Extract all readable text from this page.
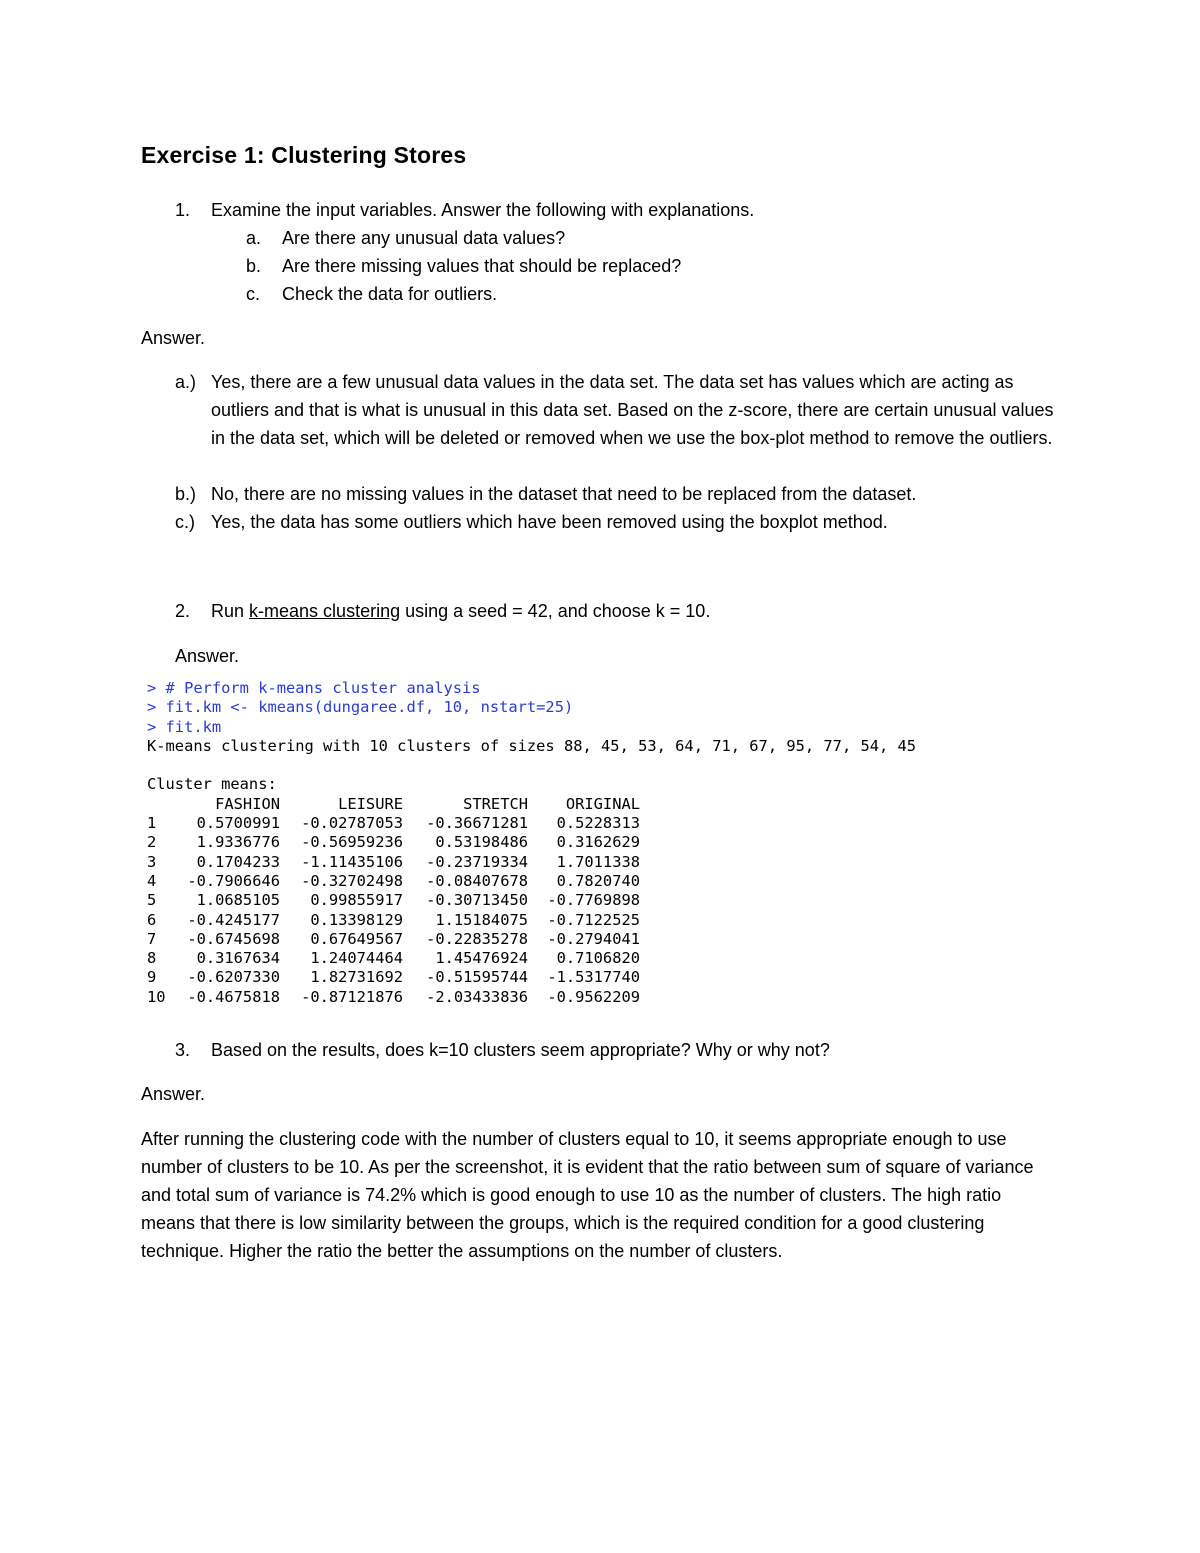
Exercise 1: Clustering Stores
1. Examine the input variables. Answer the following with explanations.
a. Are there any unusual data values?
b. Are there missing values that should be replaced?
c. Check the data for outliers.
Answer.
a.) Yes, there are a few unusual data values in the data set. The data set has values which are acting as outliers and that is what is unusual in this data set. Based on the z-score, there are certain unusual values in the data set, which will be deleted or removed when we use the box-plot method to remove the outliers.
b.) No, there are no missing values in the dataset that need to be replaced from the dataset.
c.) Yes, the data has some outliers which have been removed using the boxplot method.
2. Run k-means clustering using a seed = 42, and choose k = 10.
Answer.
> # Perform k-means cluster analysis
> fit.km <- kmeans(dungaree.df, 10, nstart=25)
> fit.km
K-means clustering with 10 clusters of sizes 88, 45, 53, 64, 71, 67, 95, 77, 54, 45
Cluster means:
FASHION	LEISURE	STRETCH ORIGINAL
1	0.5700991 -0.02787053 -0.36671281 0.5228313
2	1.9336776 -0.56959236 0.53198486 0.3162629
3	0.1704233 -1.11435106 -0.23719334 1.7011338
4 -0.7906646 -0.32702498 -0.08407678 0.7820740
5	1.0685105 0.99855917 -0.30713450 -0.7769898
6 -0.4245177 0.13398129 1.15184075 -0.7122525
7 -0.6745698 0.67649567 -0.22835278 -0.2794041
8	0.3167634 1.24074464 1.45476924 0.7106820
9 -0.6207330 1.82731692 -0.51595744 -1.5317740
10 -0.4675818 -0.87121876 -2.03433836 -0.9562209
3. Based on the results, does k=10 clusters seem appropriate? Why or why not?
Answer.
After running the clustering code with the number of clusters equal to 10, it seems appropriate enough to use number of clusters to be 10. As per the screenshot, it is evident that the ratio between sum of square of variance and total sum of variance is 74.2% which is good enough to use 10 as the number of clusters. The high ratio means that there is low similarity between the groups, which is the required condition for a good clustering technique. Higher the ratio the better the assumptions on the number of clusters.
